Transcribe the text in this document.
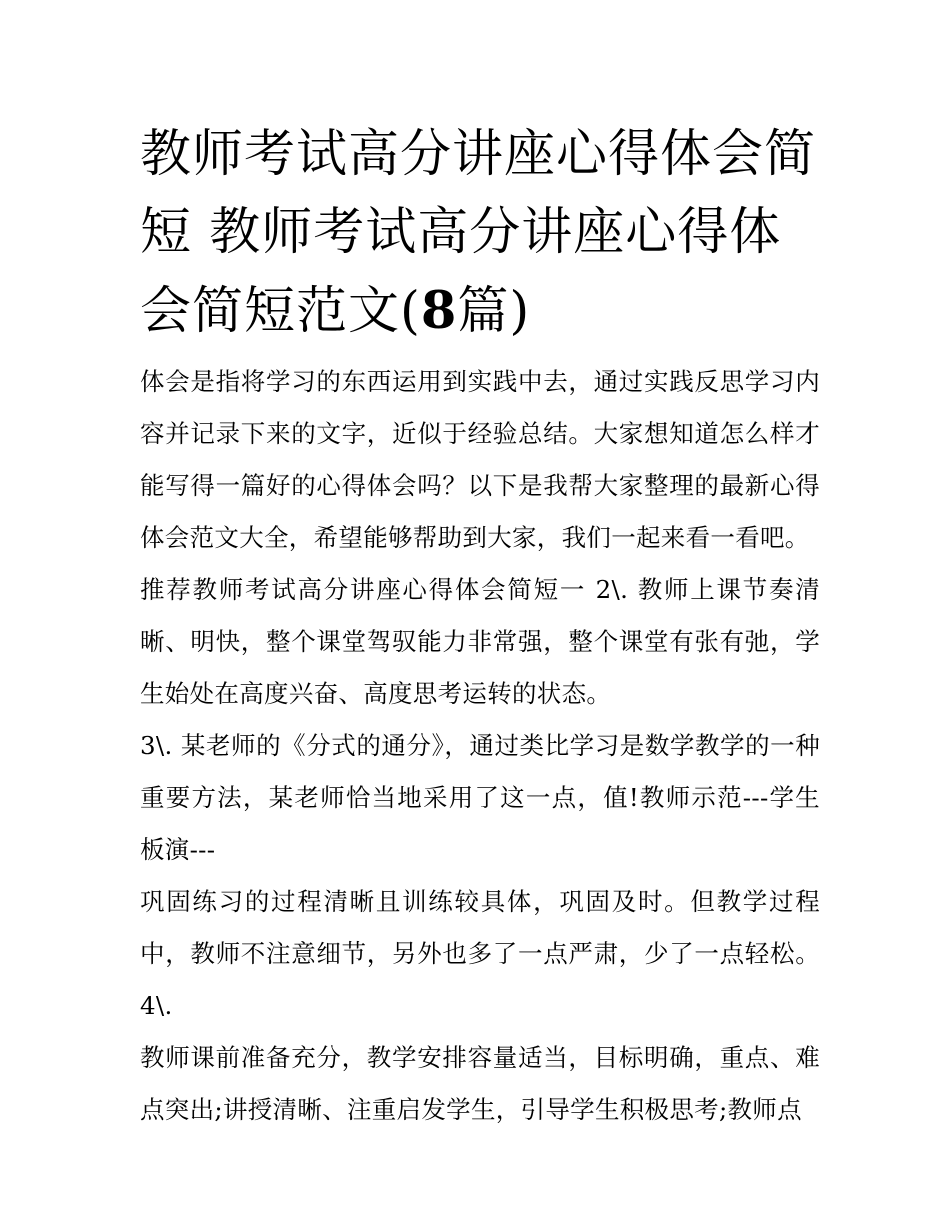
教师考试高分讲座心得体会简短 教师考试高分讲座心得体会简短范文(8篇)

体会是指将学习的东西运用到实践中去，通过实践反思学习内容并记录下来的文字，近似于经验总结。大家想知道怎么样才能写得一篇好的心得体会吗？以下是我帮大家整理的最新心得体会范文大全，希望能够帮助到大家，我们一起来看一看吧。

推荐教师考试高分讲座心得体会简短一 2\. 教师上课节奏清晰、明快，整个课堂驾驭能力非常强，整个课堂有张有弛，学生始处在高度兴奋、高度思考运转的状态。

3\. 某老师的《分式的通分》，通过类比学习是数学教学的一种重要方法，某老师恰当地采用了这一点，值!教师示范---学生板演---

巩固练习的过程清晰且训练较具体，巩固及时。但教学过程中，教师不注意细节，另外也多了一点严肃，少了一点轻松。4\.

教师课前准备充分，教学安排容量适当，目标明确，重点、难点突出;讲授清晰、注重启发学生，引导学生积极思考;教师点
